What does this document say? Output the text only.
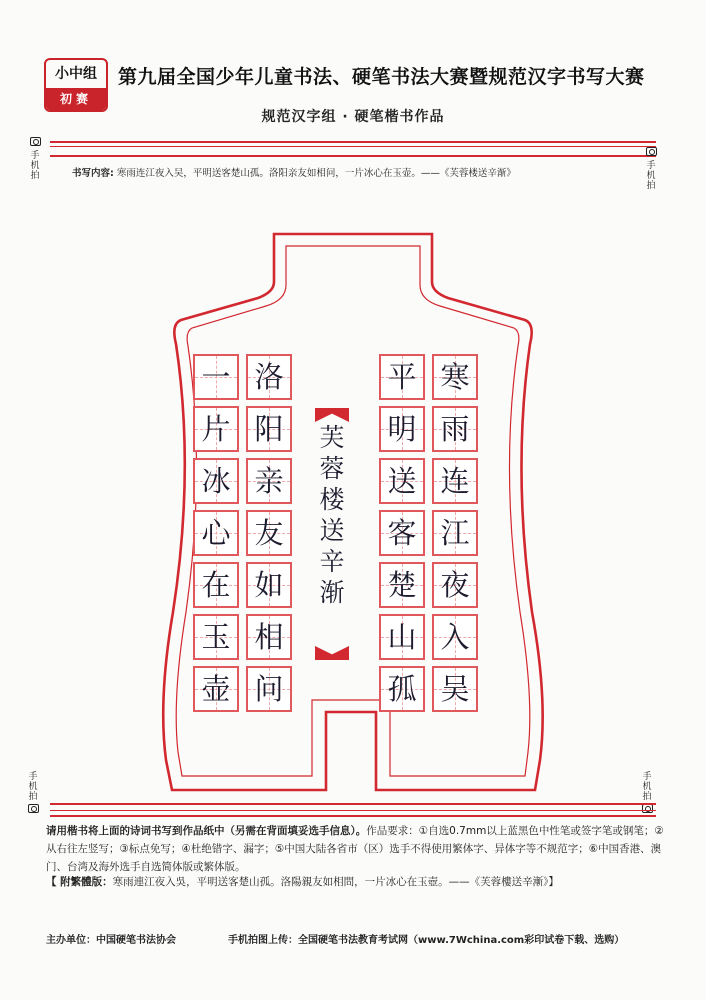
小中组
初赛
第九届全国少年儿童书法、硬笔书法大赛暨规范汉字书写大赛
规范汉字组 · 硬笔楷书作品
手机拍
手机拍
手机拍
手机拍
书写内容: 寒雨连江夜入吴，平明送客楚山孤。洛阳亲友如相问，一片冰心在玉壶。——《芙蓉楼送辛渐》
寒
雨
连
江
夜
入
吴
平
明
送
客
楚
山
孤
洛
阳
亲
友
如
相
问
一
片
冰
心
在
玉
壶
芙
蓉
楼
送
辛
渐
请用楷书将上面的诗词书写到作品纸中（另需在背面填妥选手信息）。作品要求：①自选0.7mm以上蓝黑色中性笔或签字笔或钢笔；②从右往左竖写；③标点免写；④杜绝错字、漏字；⑤中国大陆各省市（区）选手不得使用繁体字、异体字等不规范字；⑥中国香港、澳门、台湾及海外选手自选简体版或繁体版。
【 附繁體版：寒雨連江夜入吳，平明送客楚山孤。洛陽親友如相問，一片冰心在玉壺。——《芙蓉樓送辛漸》】
主办单位：中国硬笔书法协会	手机拍图上传：全国硬笔书法教育考试网（www.7Wchina.com彩印试卷下载、选购）
